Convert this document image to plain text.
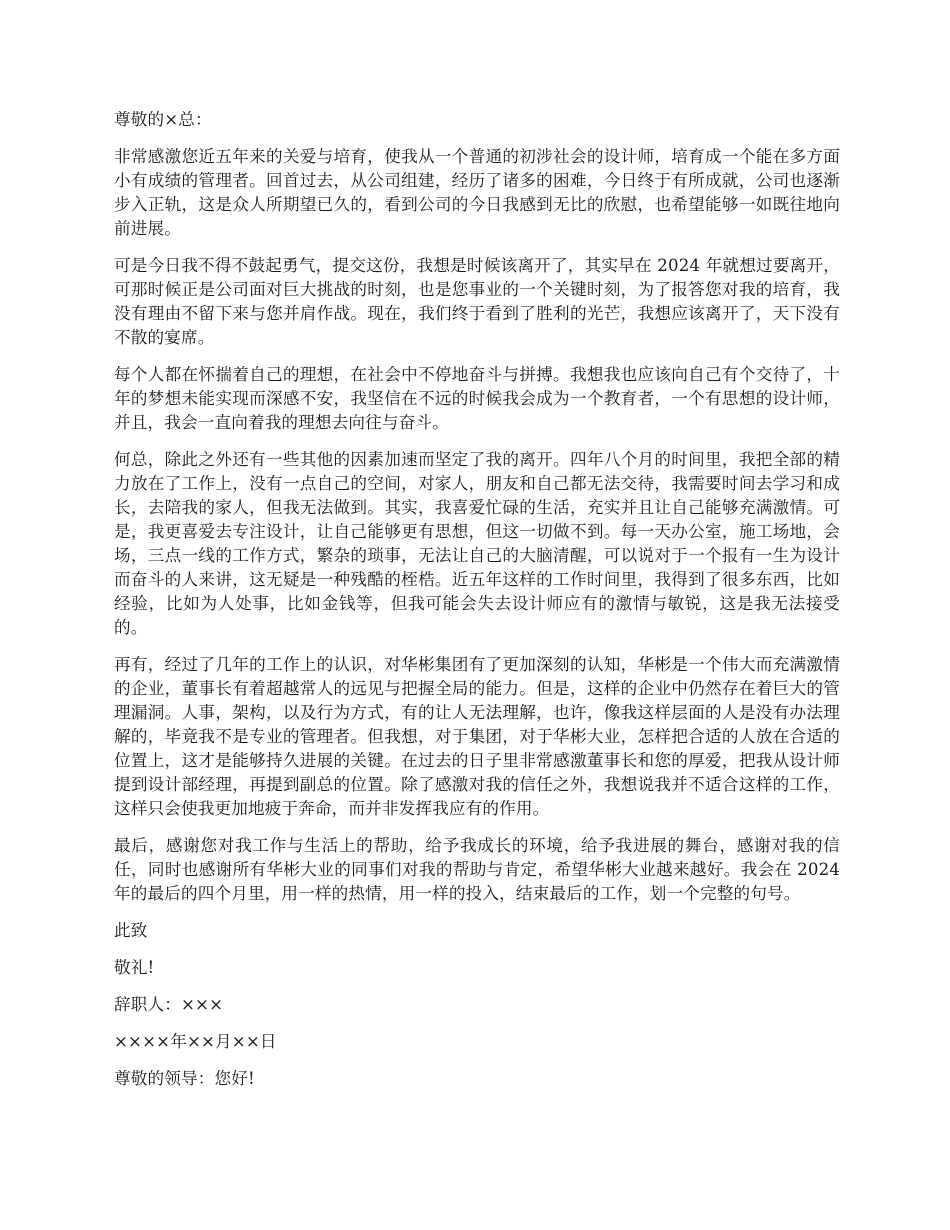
尊敬的×总：

非常感激您近五年来的关爱与培育，使我从一个普通的初涉社会的设计师，培育成一个能在多方面小有成绩的管理者。回首过去，从公司组建，经历了诸多的困难，今日终于有所成就，公司也逐渐步入正轨，这是众人所期望已久的，看到公司的今日我感到无比的欣慰，也希望能够一如既往地向前进展。

可是今日我不得不鼓起勇气，提交这份，我想是时候该离开了，其实早在 2024 年就想过要离开，可那时候正是公司面对巨大挑战的时刻，也是您事业的一个关键时刻，为了报答您对我的培育，我没有理由不留下来与您并肩作战。现在，我们终于看到了胜利的光芒，我想应该离开了，天下没有不散的宴席。

每个人都在怀揣着自己的理想，在社会中不停地奋斗与拼搏。我想我也应该向自己有个交待了，十年的梦想未能实现而深感不安，我坚信在不远的时候我会成为一个教育者，一个有思想的设计师，并且，我会一直向着我的理想去向往与奋斗。

何总，除此之外还有一些其他的因素加速而坚定了我的离开。四年八个月的时间里，我把全部的精力放在了工作上，没有一点自己的空间，对家人，朋友和自己都无法交待，我需要时间去学习和成长，去陪我的家人，但我无法做到。其实，我喜爱忙碌的生活，充实并且让自己能够充满激情。可是，我更喜爱去专注设计，让自己能够更有思想，但这一切做不到。每一天办公室，施工场地，会场，三点一线的工作方式，繁杂的琐事，无法让自己的大脑清醒，可以说对于一个报有一生为设计而奋斗的人来讲，这无疑是一种残酷的桎梏。近五年这样的工作时间里，我得到了很多东西，比如经验，比如为人处事，比如金钱等，但我可能会失去设计师应有的激情与敏锐，这是我无法接受的。

再有，经过了几年的工作上的认识，对华彬集团有了更加深刻的认知，华彬是一个伟大而充满激情的企业，董事长有着超越常人的远见与把握全局的能力。但是，这样的企业中仍然存在着巨大的管理漏洞。人事，架构，以及行为方式，有的让人无法理解，也许，像我这样层面的人是没有办法理解的，毕竟我不是专业的管理者。但我想，对于集团，对于华彬大业，怎样把合适的人放在合适的位置上，这才是能够持久进展的关键。在过去的日子里非常感激董事长和您的厚爱，把我从设计师提到设计部经理，再提到副总的位置。除了感激对我的信任之外，我想说我并不适合这样的工作，这样只会使我更加地疲于奔命，而并非发挥我应有的作用。

最后，感谢您对我工作与生活上的帮助，给予我成长的环境，给予我进展的舞台，感谢对我的信任，同时也感谢所有华彬大业的同事们对我的帮助与肯定，希望华彬大业越来越好。我会在 2024 年的最后的四个月里，用一样的热情，用一样的投入，结束最后的工作，划一个完整的句号。

此致
敬礼!
辞职人：×××
××××年××月××日
尊敬的领导：您好!
